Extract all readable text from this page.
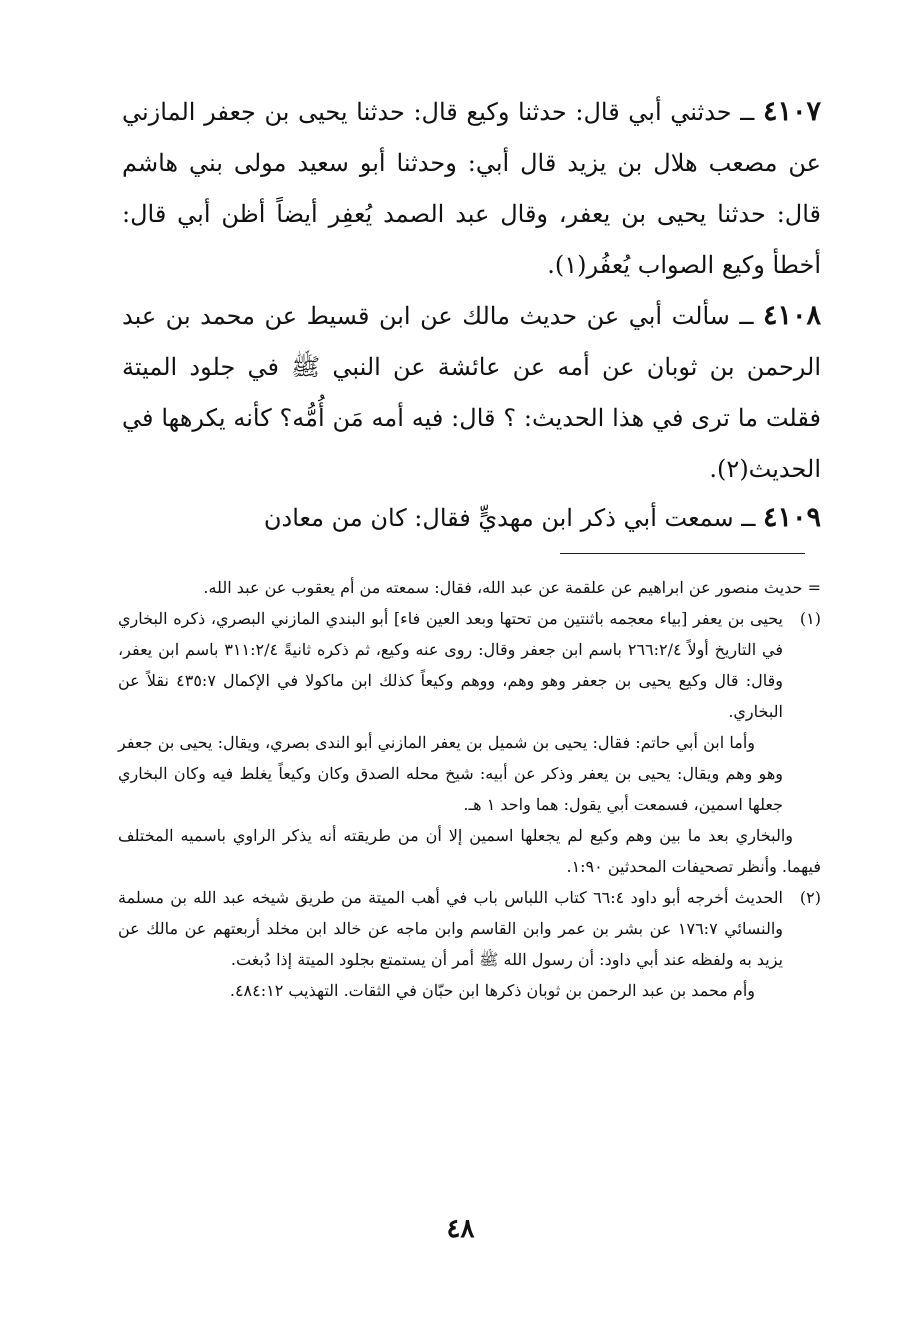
٤١٠٧ ــ حدثني أبي قال: حدثنا وكيع قال: حدثنا يحيى بن جعفر المازني عن مصعب هلال بن يزيد قال أبي: وحدثنا أبو سعيد مولى بني هاشم قال: حدثنا يحيى بن يعفر، وقال عبد الصمد يُعفِر أيضاً أظن أبي قال: أخطأ وكيع الصواب يُعفُر(١).
٤١٠٨ ــ سألت أبي عن حديث مالك عن ابن قسيط عن محمد بن عبد الرحمن بن ثوبان عن أمه عن عائشة عن النبي ﷺ في جلود الميتة فقلت ما ترى في هذا الحديث: ؟ قال: فيه أمه مَن أُمُّه؟ كأنه يكرهها في الحديث(٢).
٤١٠٩ ــ سمعت أبي ذكر ابن مهديٍّ فقال: كان من معادن

= حديث منصور عن ابراهيم عن علقمة عن عبد الله، فقال: سمعته من أم يعقوب عن عبد الله.

(١)

يحيى بن يعفر [بياء معجمه باثنتين من تحتها وبعد العين فاء] أبو البندي المازني البصري، ذكره البخاري في التاريخ أولاً ٢٦٦:٢/٤ باسم ابن جعفر وقال: روى عنه وكيع، ثم ذكره ثانيةً ٣١١:٢/٤ باسم ابن يعفر، وقال: قال وكيع يحيى بن جعفر وهو وهم، ووهم وكيعاً كذلك ابن ماكولا في الإكمال ٤٣٥:٧ نقلاً عن البخاري.

وأما ابن أبي حاتم: فقال: يحيى بن شميل بن يعفر المازني أبو الندى بصري، ويقال: يحيى بن جعفر وهو وهم ويقال: يحيى بن يعفر وذكر عن أبيه: شيخ محله الصدق وكان وكيعاً يغلط فيه وكان البخاري جعلها اسمين، فسمعت أبي يقول: هما واحد ١ هـ.

والبخاري بعد ما بين وهم وكيع لم يجعلها اسمين إلا أن من طريقته أنه يذكر الراوي باسميه المختلف فيهما. وأنظر تصحيفات المحدثين ١:٩٠.

(٢)

الحديث أخرجه أبو داود ٦٦:٤ كتاب اللباس باب في أهب الميتة من طريق شيخه عبد الله بن مسلمة والنسائي ١٧٦:٧ عن بشر بن عمر وابن القاسم وابن ماجه عن خالد ابن مخلد أربعتهم عن مالك عن يزيد به ولفظه عند أبي داود: أن رسول الله ﷺ أمر أن يستمتع بجلود الميتة إذا دُبغت.

وأم محمد بن عبد الرحمن بن ثوبان ذكرها ابن حبّان في الثقات. التهذيب ٤٨٤:١٢.

٤٨
